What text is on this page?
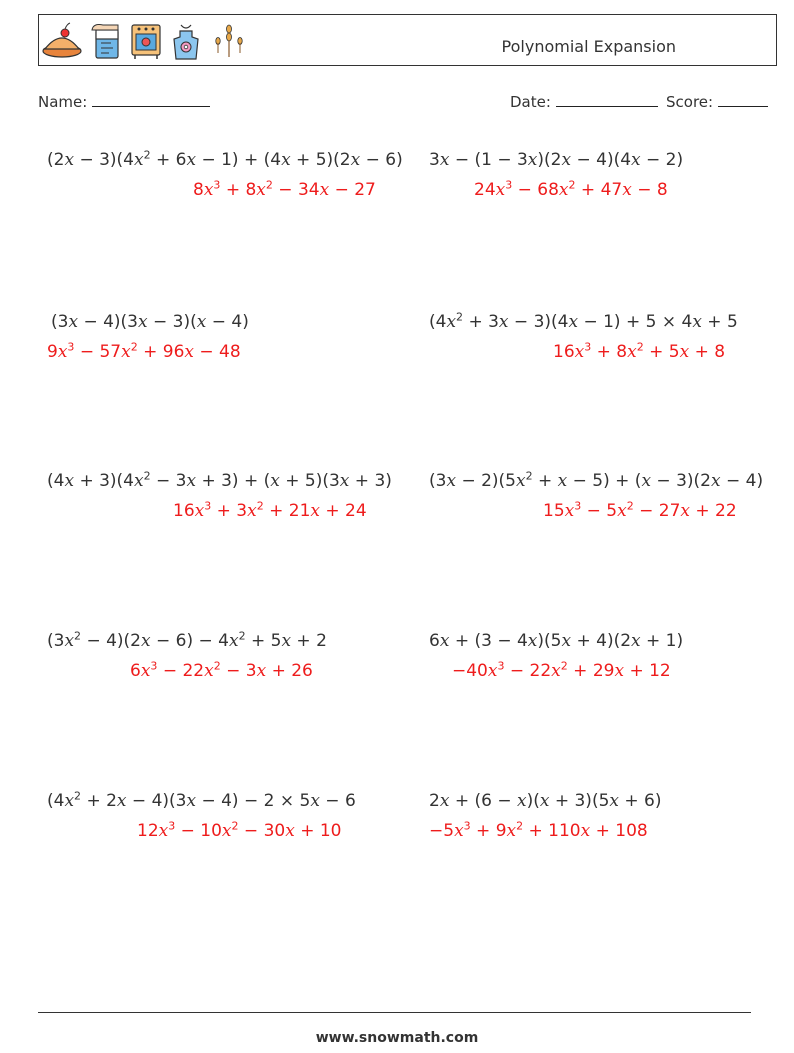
Polynomial Expansion
Name:	Date:	Score:
$(2x - 3)(4x^2 + 6x - 1) + (4x + 5)(2x - 6)$
$8x^3 + 8x^2 - 34x - 27$
3x − (1 − 3x)(2x − 4)(4x − 2)
$24x^3 - 68x^2 + 47x - 8$
(3x − 4)(3x − 3)(x − 4)
$9x^3 - 57x^2 + 96x - 48$
$(4x^2 + 3x - 3)(4x - 1) + 5 \times 4x + 5$
$16x^3 + 8x^2 + 5x + 8$
$(4x + 3)(4x^2 - 3x + 3) + (x + 5)(3x + 3)$
$16x^3 + 3x^2 + 21x + 24$
$(3x - 2)(5x^2 + x - 5) + (x - 3)(2x - 4)$
$15x^3 - 5x^2 - 27x + 22$
$(3x^2 - 4)(2x - 6) - 4x^2 + 5x + 2$
$6x^3 - 22x^2 - 3x + 26$
6x + (3 − 4x)(5x + 4)(2x + 1)
$-40x^3 - 22x^2 + 29x + 12$
$(4x^2 + 2x - 4)(3x - 4) - 2 \times 5x - 6$
$12x^3 - 10x^2 - 30x + 10$
2x + (6 − x)(x + 3)(5x + 6)
$-5x^3 + 9x^2 + 110x + 108$
www.snowmath.com
